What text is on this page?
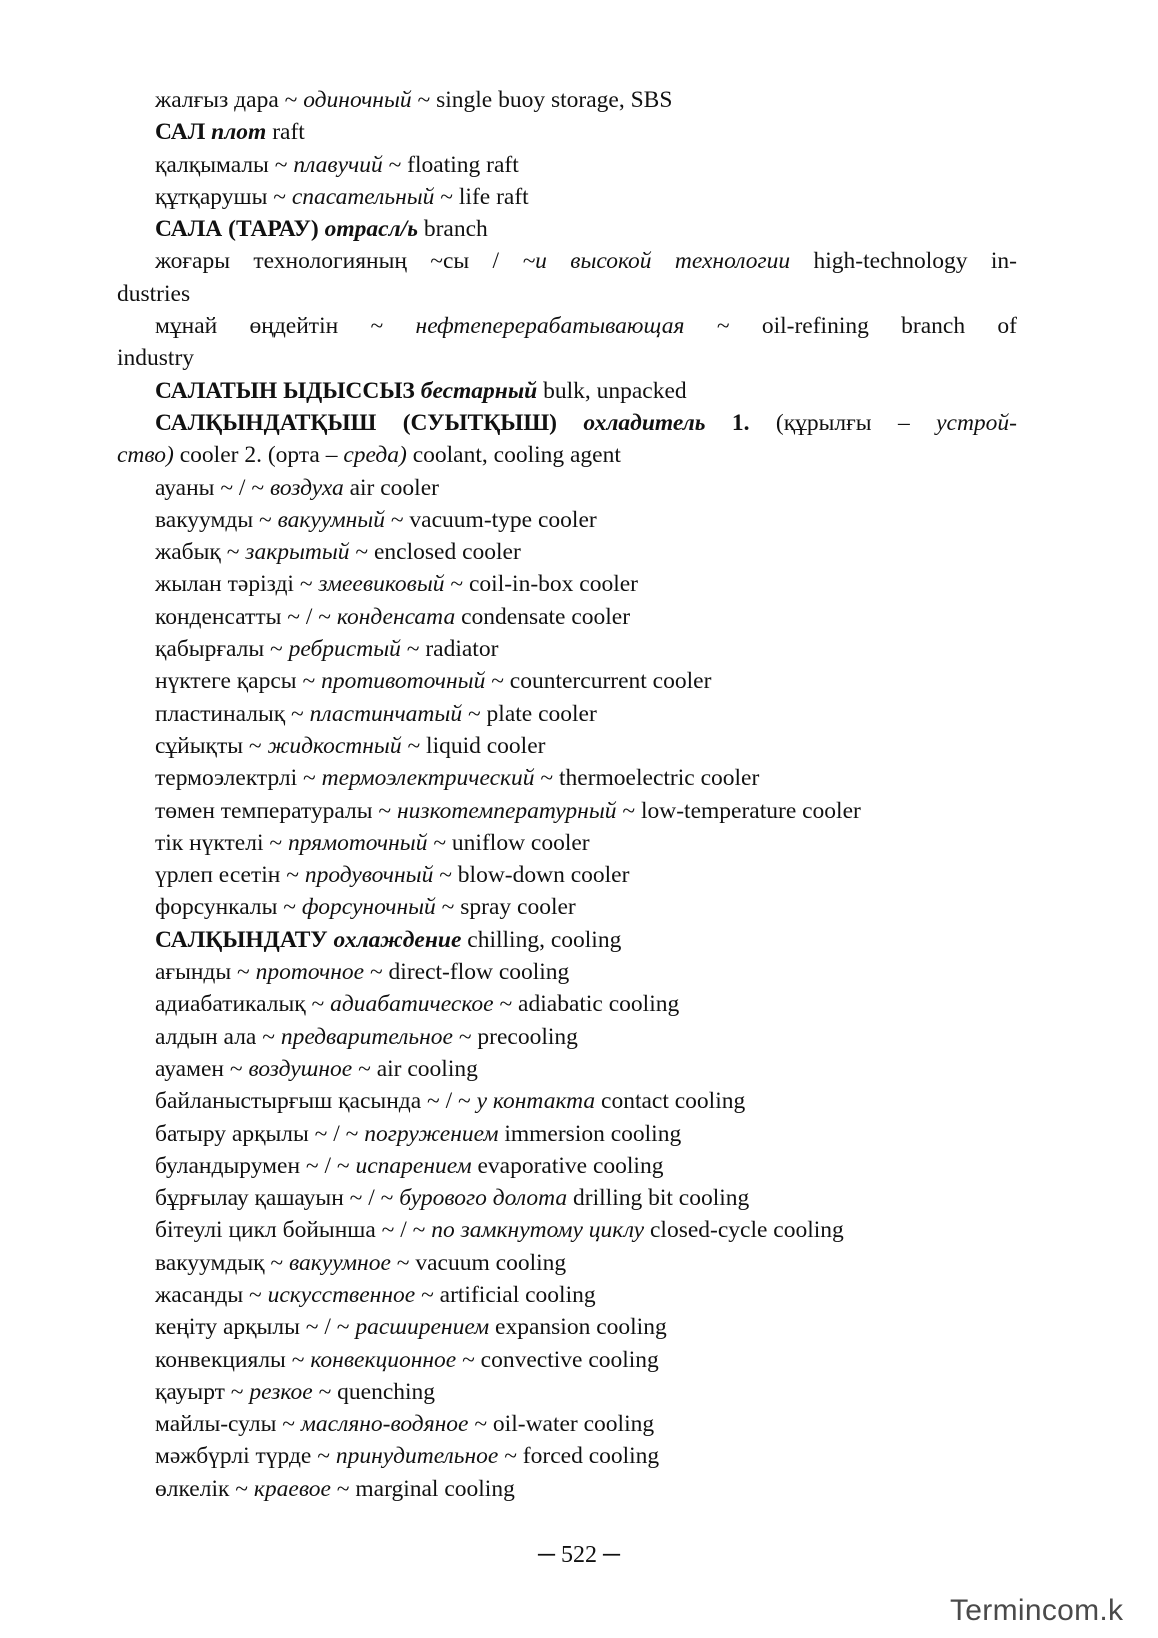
жалғыз дара ~ одиночный ~ single buoy storage, SBS
САЛ плот raft
қалқымалы ~ плавучий ~ floating raft
құтқарушы ~ спасательный ~ life raft
САЛА (ТАРАУ) отрасл/ь branch
жоғары технологияның ~сы / ~и высокой технологии high-technology in-
dustries
мұнай өңдейтін ~ нефтеперерабатывающая ~ oil-refining branch of
industry
САЛАТЫН ЫДЫССЫЗ бестарный bulk, unpacked
САЛҚЫНДАТҚЫШ (СУЫТҚЫШ) охладитель 1. (құрылғы – устрой-
ство) cooler 2. (орта – среда) coolant, cooling agent
ауаны ~ / ~ воздуха air cooler
вакуумды ~ вакуумный ~ vacuum-type cooler
жабық ~ закрытый ~ enclosed cooler
жылан тәрізді ~ змеевиковый ~ coil-in-box cooler
конденсатты ~ / ~ конденсата condensate cooler
қабырғалы ~ ребристый ~ radiator
нүктеге қарсы ~ противоточный ~ countercurrent cooler
пластиналық ~ пластинчатый ~ plate cooler
сұйықты ~ жидкостный ~ liquid cooler
термоэлектрлі ~ термоэлектрический ~ thermoelectric cooler
төмен температуралы ~ низкотемпературный ~ low-temperature cooler
тік нүктелі ~ прямоточный ~ uniflow cooler
үрлеп есетін ~ продувочный ~ blow-down cooler
форсункалы ~ форсуночный ~ spray cooler
САЛҚЫНДАТУ охлаждение chilling, cooling
ағынды ~ проточное ~ direct-flow cooling
адиабатикалық ~ адиабатическое ~ adiabatic cooling
алдын ала ~ предварительное ~ precooling
ауамен ~ воздушное ~ air cooling
байланыстырғыш қасында ~ / ~ у контакта contact cooling
батыру арқылы ~ / ~ погружением immersion cooling
буландырумен ~ / ~ испарением evaporative cooling
бұрғылау қашауын ~ / ~ бурового долота drilling bit cooling
бітеулі цикл бойынша ~ / ~ по замкнутому циклу closed-cycle cooling
вакуумдық ~ вакуумное ~ vacuum cooling
жасанды ~ искусственное ~ artificial cooling
кеңіту арқылы ~ / ~ расширением expansion cooling
конвекциялы ~ конвекционное ~ convective cooling
қауырт ~ резкое ~ quenching
майлы-сулы ~ масляно-водяное ~ oil-water cooling
мәжбүрлі түрде ~ принудительное ~ forced cooling
өлкелік ~ краевое ~ marginal cooling
─ 522 ─
Termincom.kz
